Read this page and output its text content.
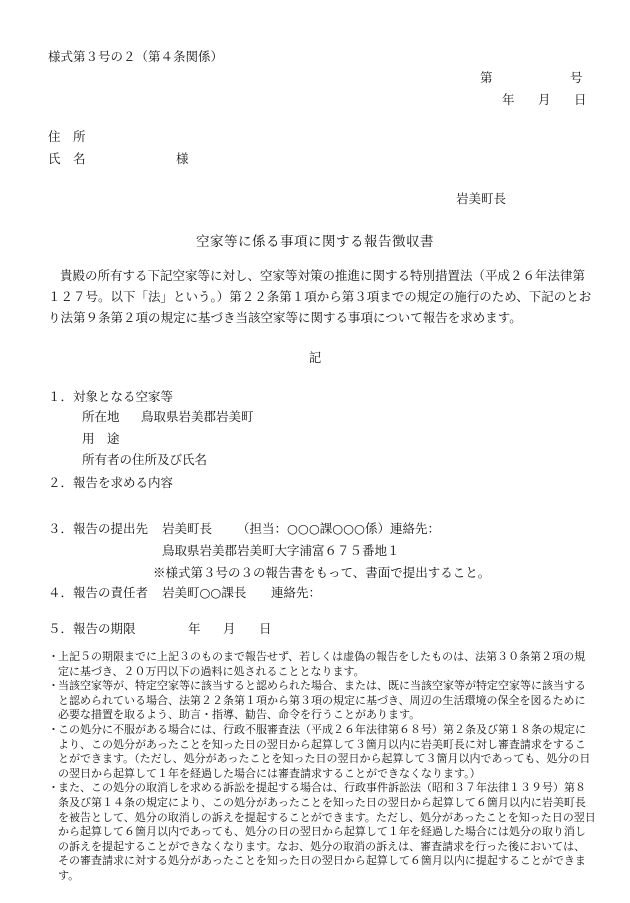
様式第３号の２（第４条関係）
第	号
年 月 日
住　所
氏　名	様
岩美町長
空家等に係る事項に関する報告徴収書
貴殿の所有する下記空家等に対し、空家等対策の推進に関する特別措置法（平成２６年法律第１２７号。以下「法」という。）第２２条第１項から第３項までの規定の施行のため、下記のとおり法第９条第２項の規定に基づき当該空家等に関する事項について報告を求めます。
記
１．対象となる空家等
所在地 鳥取県岩美郡岩美町
用　途
所有者の住所及び氏名
２．報告を求める内容
３．報告の提出先 岩美町長 （担当：○○○課○○○係）連絡先：
鳥取県岩美郡岩美町大字浦富６７５番地１
※様式第３号の３の報告書をもって、書面で提出すること。
４．報告の責任者 岩美町○○課長 連絡先：
５．報告の期限	年 月 日

・ 上記５の期限までに上記３のものまで報告せず、若しくは虚偽の報告をしたものは、法第３０条第２項の規定に基づき、２０万円以下の過料に処されることとなります。

・ 当該空家等が、特定空家等に該当すると認められた場合、または、既に当該空家等が特定空家等に該当すると認められている場合、法第２２条第１項から第３項の規定に基づき、周辺の生活環境の保全を図るために必要な措置を取るよう、助言・指導、勧告、命令を行うことがあります。

・ この処分に不服がある場合には、行政不服審査法（平成２６年法律第６８号）第２条及び第１８条の規定により、この処分があったことを知った日の翌日から起算して３箇月以内に岩美町長に対し審査請求をすることができます。（ただし、処分があったことを知った日の翌日から起算して３箇月以内であっても、処分の日の翌日から起算して１年を経過した場合には審査請求することができなくなります。）

・ また、この処分の取消しを求める訴訟を提起する場合は、行政事件訴訟法（昭和３７年法律１３９号）第８条及び第１４条の規定により、この処分があったことを知った日の翌日から起算して６箇月以内に岩美町長を被告として、処分の取消しの訴えを提起することができます。ただし、処分があったことを知った日の翌日から起算して６箇月以内であっても、処分の日の翌日から起算して１年を経過した場合には処分の取り消しの訴えを提起することができなくなります。なお、処分の取消の訴えは、審査請求を行った後においては、その審査請求に対する処分があったことを知った日の翌日から起算して６箇月以内に提起することができます。
